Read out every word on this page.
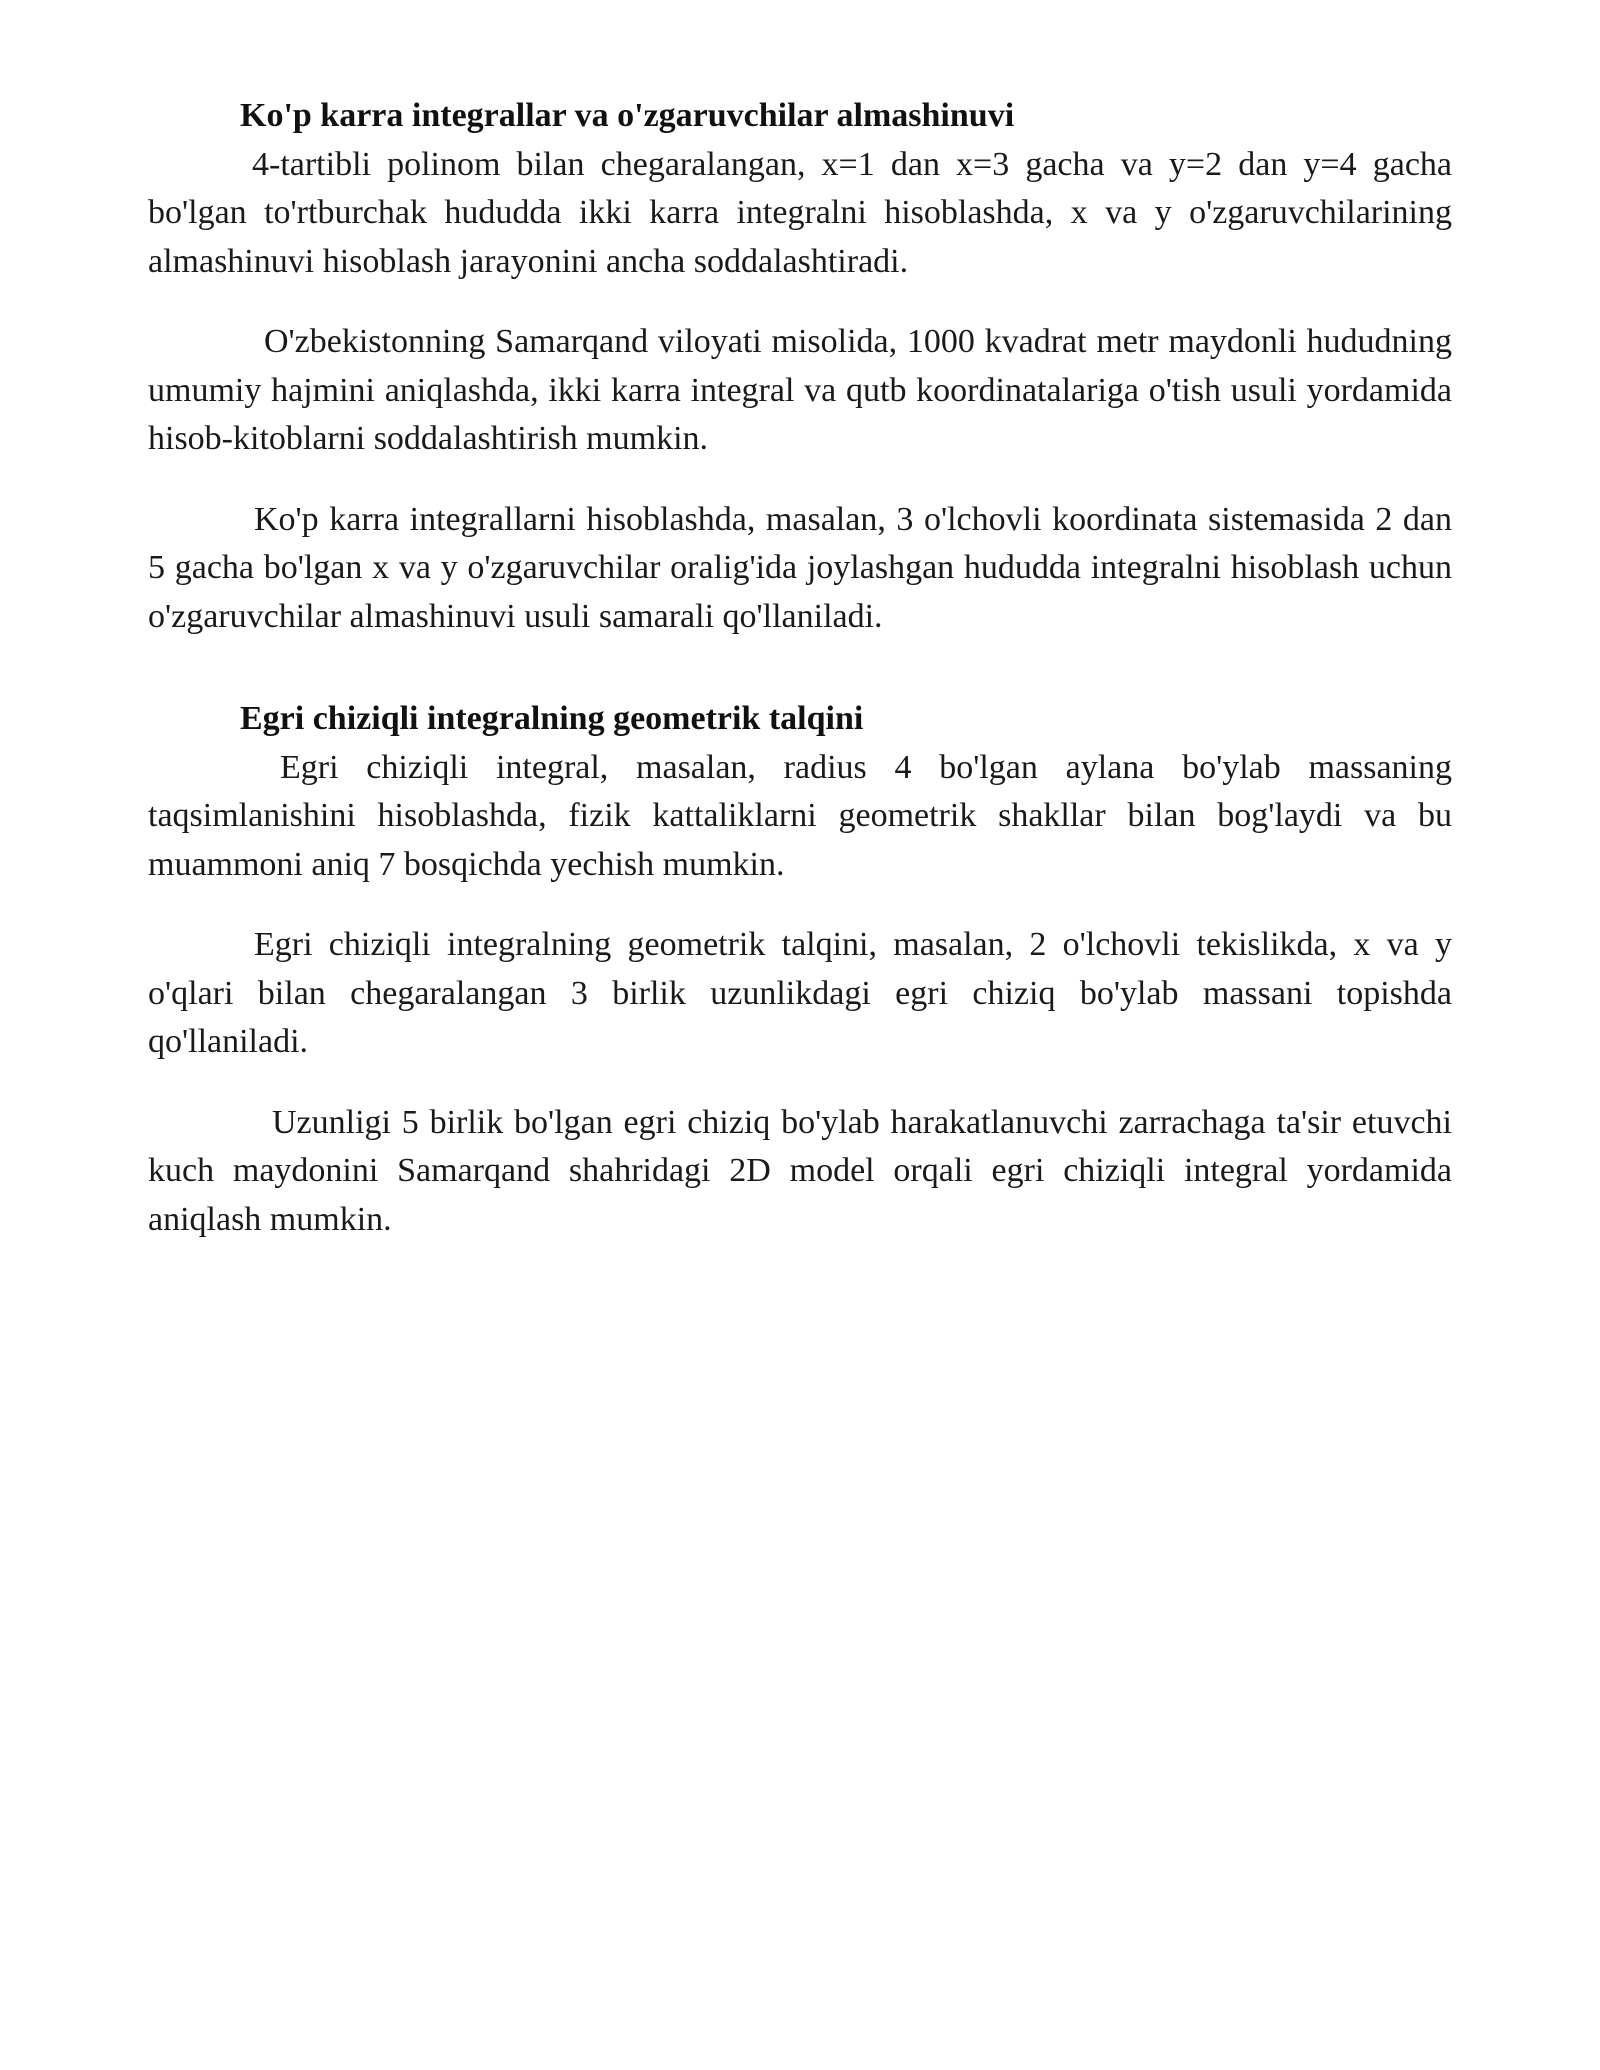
Ko'p karra integrallar va o'zgaruvchilar almashinuvi

4-tartibli polinom bilan chegaralangan, x=1 dan x=3 gacha va y=2 dan y=4 gacha bo'lgan to'rtburchak hududda ikki karra integralni hisoblashda, x va y o'zgaruvchilarining almashinuvi hisoblash jarayonini ancha soddalashtiradi.

O'zbekistonning Samarqand viloyati misolida, 1000 kvadrat metr maydonli hududning umumiy hajmini aniqlashda, ikki karra integral va qutb koordinatalariga o'tish usuli yordamida hisob-kitoblarni soddalashtirish mumkin.

Ko'p karra integrallarni hisoblashda, masalan, 3 o'lchovli koordinata sistemasida 2 dan 5 gacha bo'lgan x va y o'zgaruvchilar oralig'ida joylashgan hududda integralni hisoblash uchun o'zgaruvchilar almashinuvi usuli samarali qo'llaniladi.

Egri chiziqli integralning geometrik talqini

Egri chiziqli integral, masalan, radius 4 bo'lgan aylana bo'ylab massaning taqsimlanishini hisoblashda, fizik kattaliklarni geometrik shakllar bilan bog'laydi va bu muammoni aniq 7 bosqichda yechish mumkin.

Egri chiziqli integralning geometrik talqini, masalan, 2 o'lchovli tekislikda, x va y o'qlari bilan chegaralangan 3 birlik uzunlikdagi egri chiziq bo'ylab massani topishda qo'llaniladi.

Uzunligi 5 birlik bo'lgan egri chiziq bo'ylab harakatlanuvchi zarrachaga ta'sir etuvchi kuch maydonini Samarqand shahridagi 2D model orqali egri chiziqli integral yordamida aniqlash mumkin.
